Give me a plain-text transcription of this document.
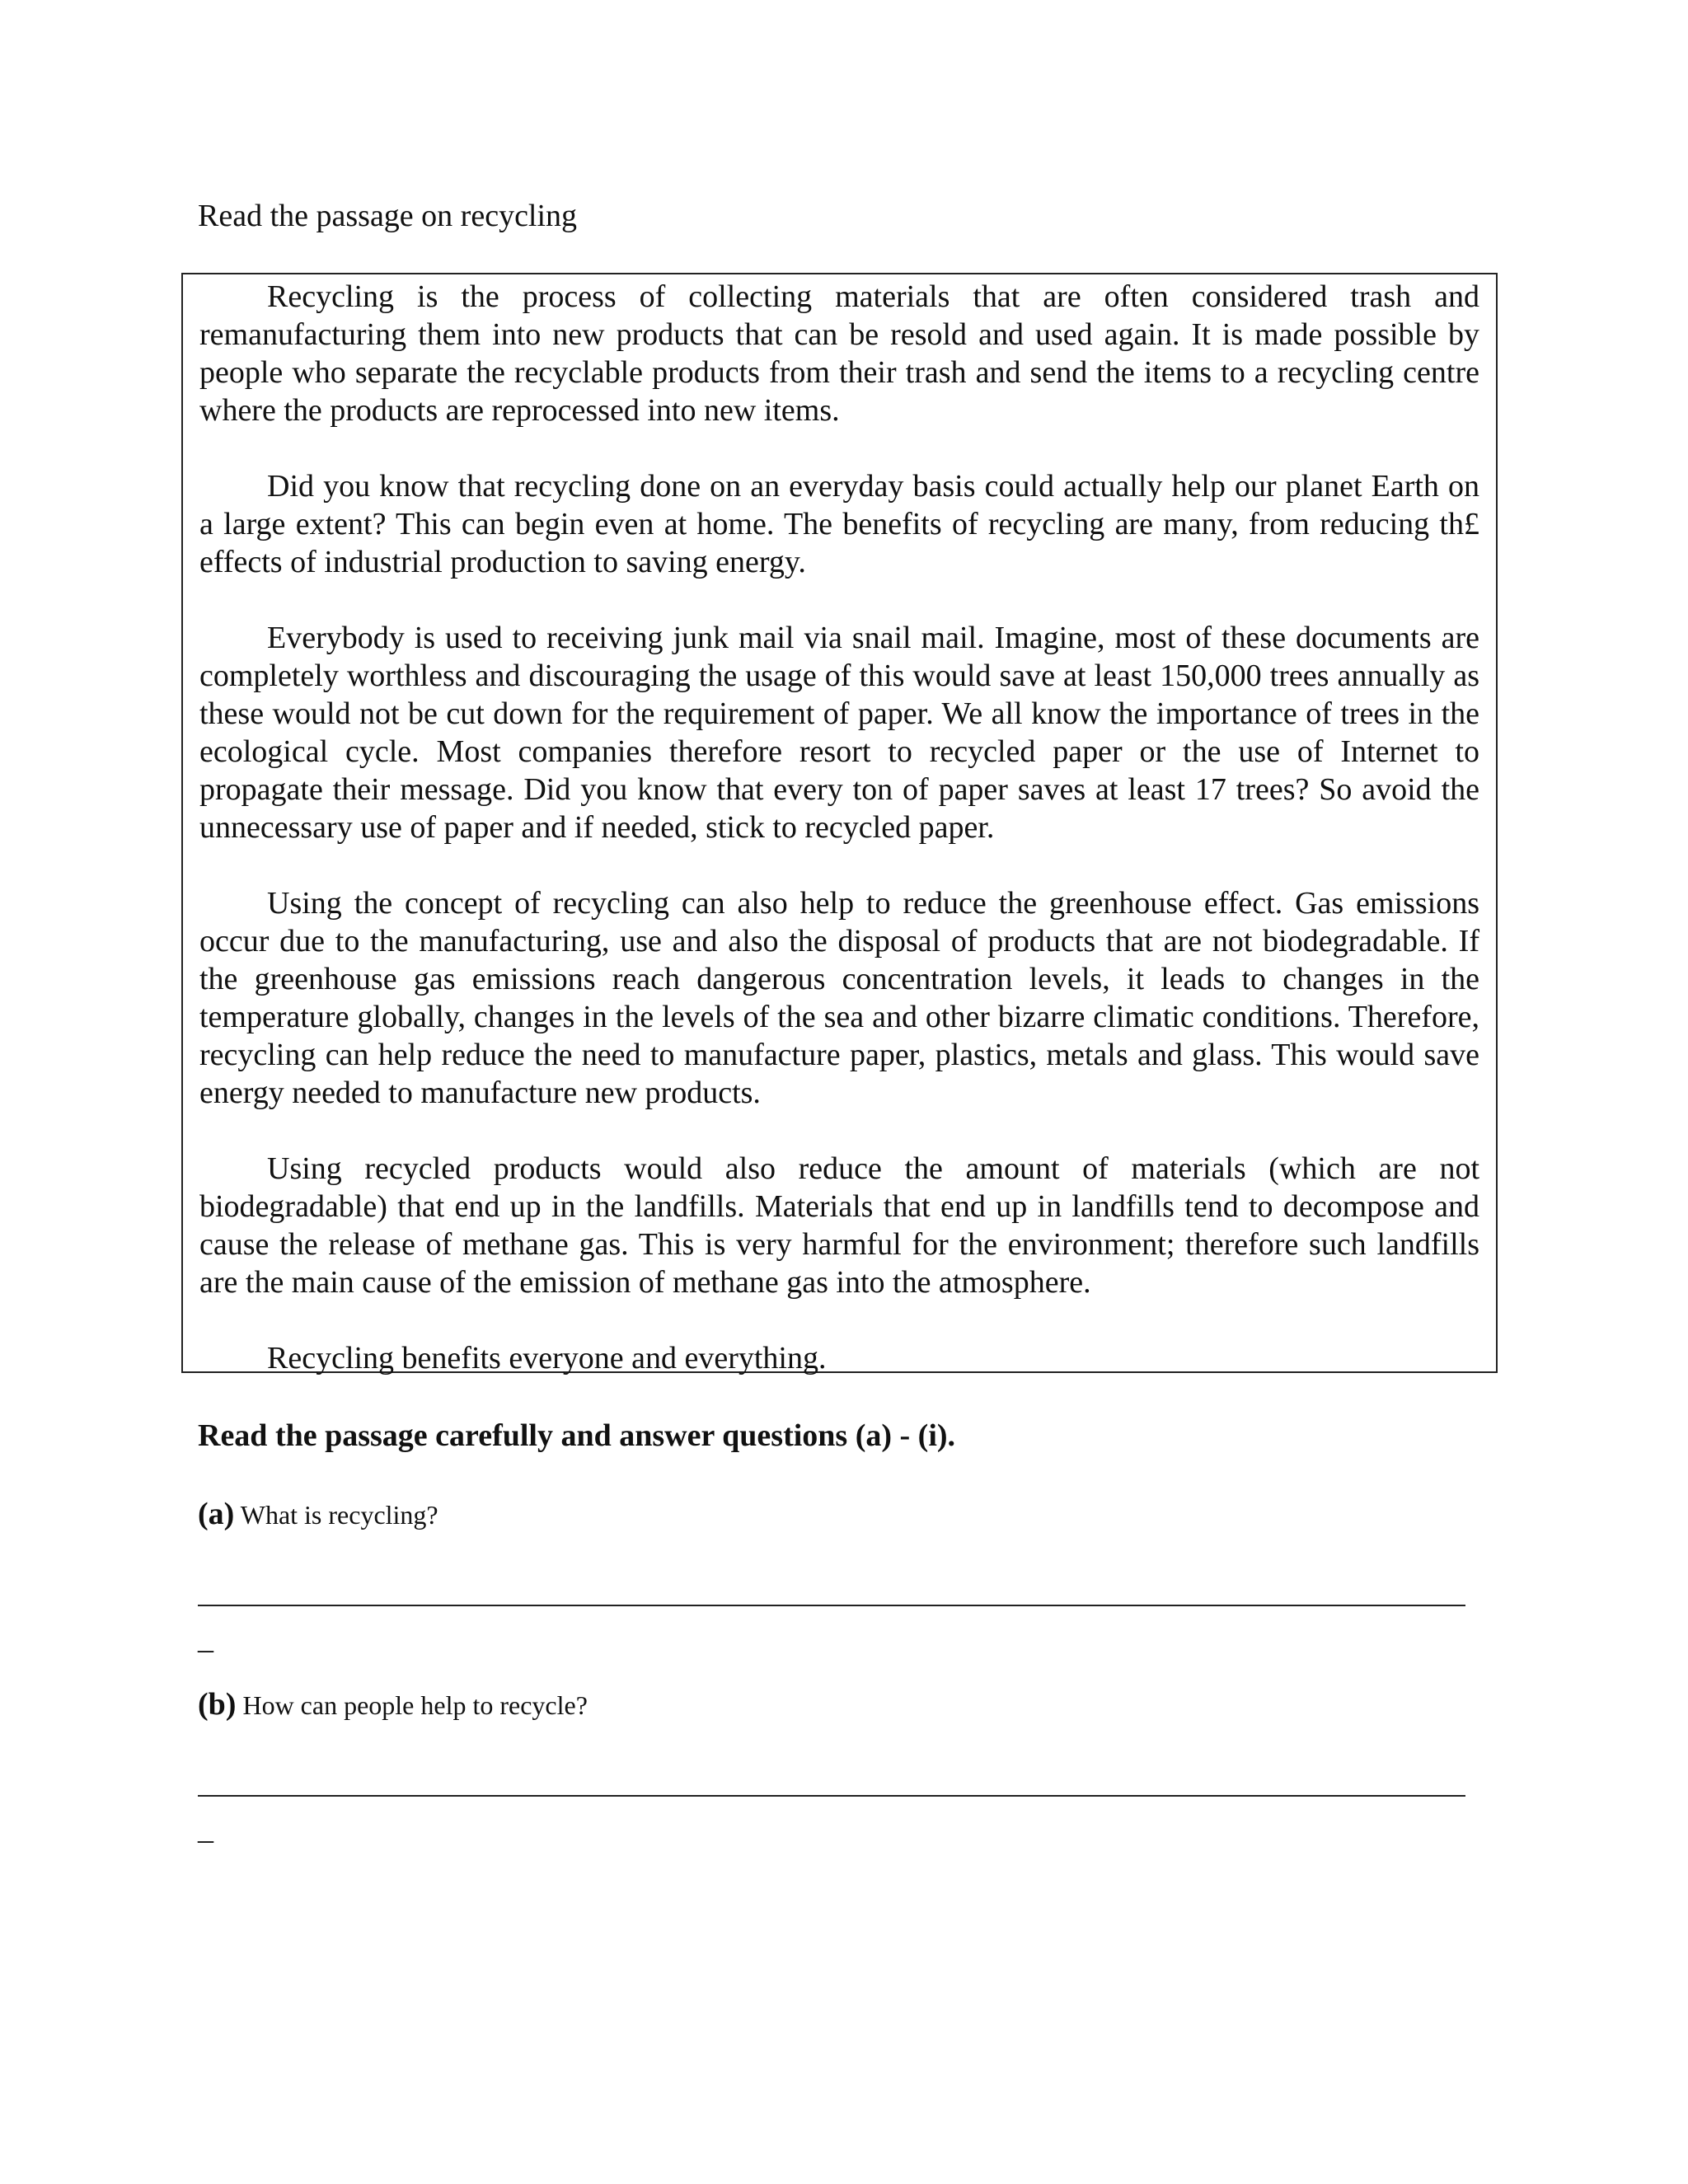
Read the passage on recycling

Recycling is the process of collecting materials that are often considered trash and remanufacturing them into new products that can be resold and used again. It is made possible by people who separate the recyclable products from their trash and send the items to a recycling centre where the products are reprocessed into new items.

Did you know that recycling done on an everyday basis could actually help our planet Earth on a large extent? This can begin even at home. The benefits of recycling are many, from reducing th£ effects of industrial production to saving energy.

Everybody is used to receiving junk mail via snail mail. Imagine, most of these documents are completely worthless and discouraging the usage of this would save at least 150,000 trees annually as these would not be cut down for the requirement of paper. We all know the importance of trees in the ecological cycle. Most companies therefore resort to recycled paper or the use of Internet to propagate their message. Did you know that every ton of paper saves at least 17 trees? So avoid the unnecessary use of paper and if needed, stick to recycled paper.

Using the concept of recycling can also help to reduce the greenhouse effect. Gas emissions occur due to the manufacturing, use and also the disposal of products that are not biodegradable. If the greenhouse gas emissions reach dangerous concentration levels, it leads to changes in the temperature globally, changes in the levels of the sea and other bizarre climatic conditions. Therefore, recycling can help reduce the need to manufacture paper, plastics, metals and glass. This would save energy needed to manufacture new products.

Using recycled products would also reduce the amount of materials (which are not biodegradable) that end up in the landfills. Materials that end up in landfills tend to decompose and cause the release of methane gas. This is very harmful for the environment; therefore such landfills are the main cause of the emission of methane gas into the atmosphere.

Recycling benefits everyone and everything.

Read the passage carefully and answer questions (a) - (i).

(a) What is recycling?

_

(b) How can people help to recycle?

_
